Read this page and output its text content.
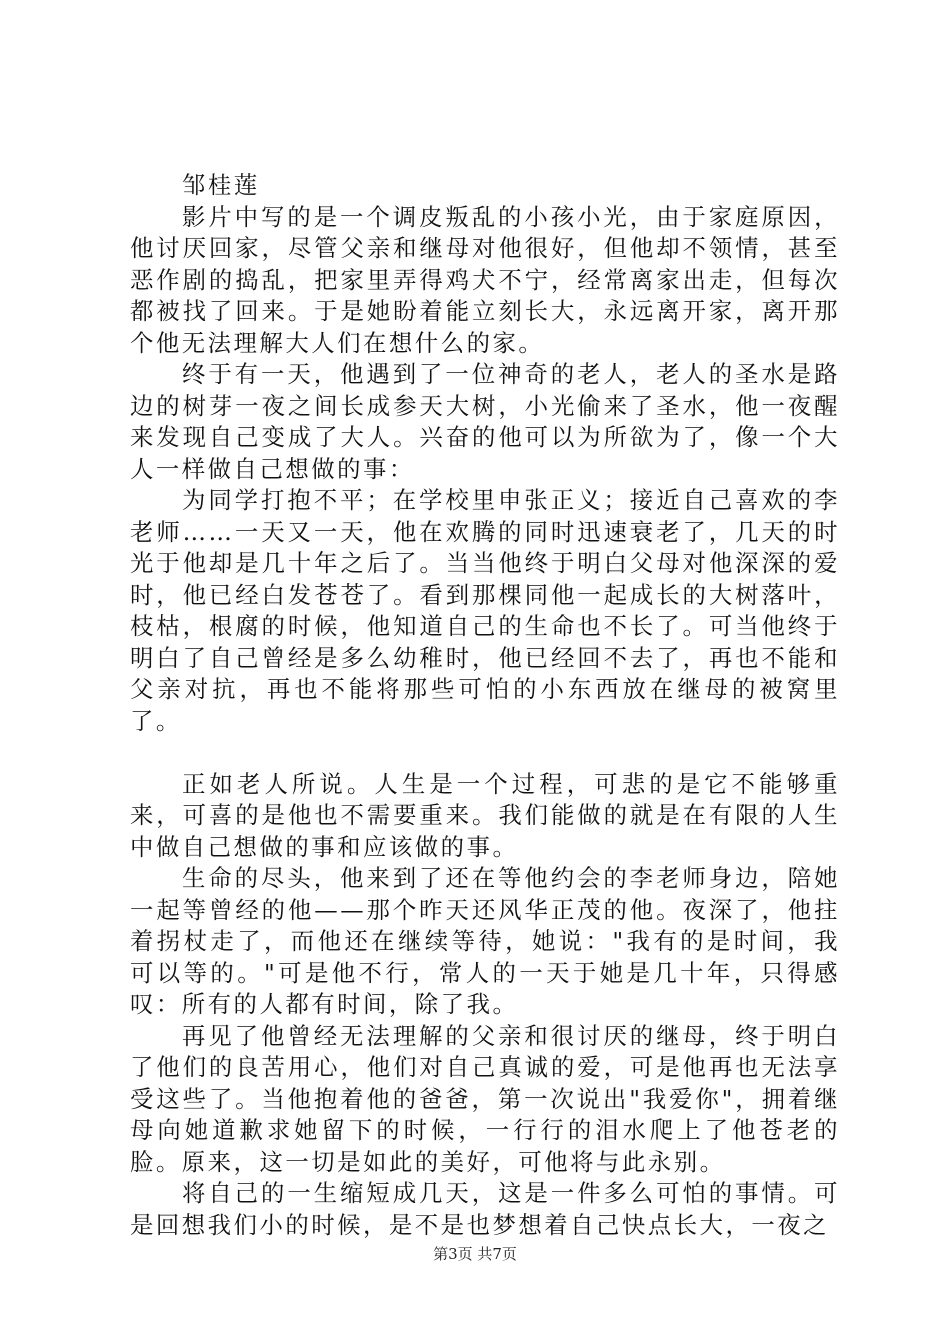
邹桂莲

影片中写的是一个调皮叛乱的小孩小光，由于家庭原因，他讨厌回家，尽管父亲和继母对他很好，但他却不领情，甚至恶作剧的捣乱，把家里弄得鸡犬不宁，经常离家出走，但每次都被找了回来。于是她盼着能立刻长大，永远离开家，离开那个他无法理解大人们在想什么的家。

终于有一天，他遇到了一位神奇的老人，老人的圣水是路边的树芽一夜之间长成参天大树，小光偷来了圣水，他一夜醒来发现自己变成了大人。兴奋的他可以为所欲为了，像一个大人一样做自己想做的事：

为同学打抱不平；在学校里申张正义；接近自己喜欢的李老师……一天又一天，他在欢腾的同时迅速衰老了，几天的时光于他却是几十年之后了。当当他终于明白父母对他深深的爱时，他已经白发苍苍了。看到那棵同他一起成长的大树落叶，枝枯，根腐的时候，他知道自己的生命也不长了。可当他终于明白了自己曾经是多么幼稚时，他已经回不去了，再也不能和父亲对抗，再也不能将那些可怕的小东西放在继母的被窝里了。

正如老人所说。人生是一个过程，可悲的是它不能够重来，可喜的是他也不需要重来。我们能做的就是在有限的人生中做自己想做的事和应该做的事。

生命的尽头，他来到了还在等他约会的李老师身边，陪她一起等曾经的他——那个昨天还风华正茂的他。夜深了，他拄着拐杖走了，而他还在继续等待，她说："我有的是时间，我可以等的。"可是他不行，常人的一天于她是几十年，只得感叹：所有的人都有时间，除了我。

再见了他曾经无法理解的父亲和很讨厌的继母，终于明白了他们的良苦用心，他们对自己真诚的爱，可是他再也无法享受这些了。当他抱着他的爸爸，第一次说出"我爱你"，拥着继母向她道歉求她留下的时候，一行行的泪水爬上了他苍老的脸。原来，这一切是如此的美好，可他将与此永别。

将自己的一生缩短成几天，这是一件多么可怕的事情。可是回想我们小的时候，是不是也梦想着自己快点长大，一夜之

第3页 共7页
